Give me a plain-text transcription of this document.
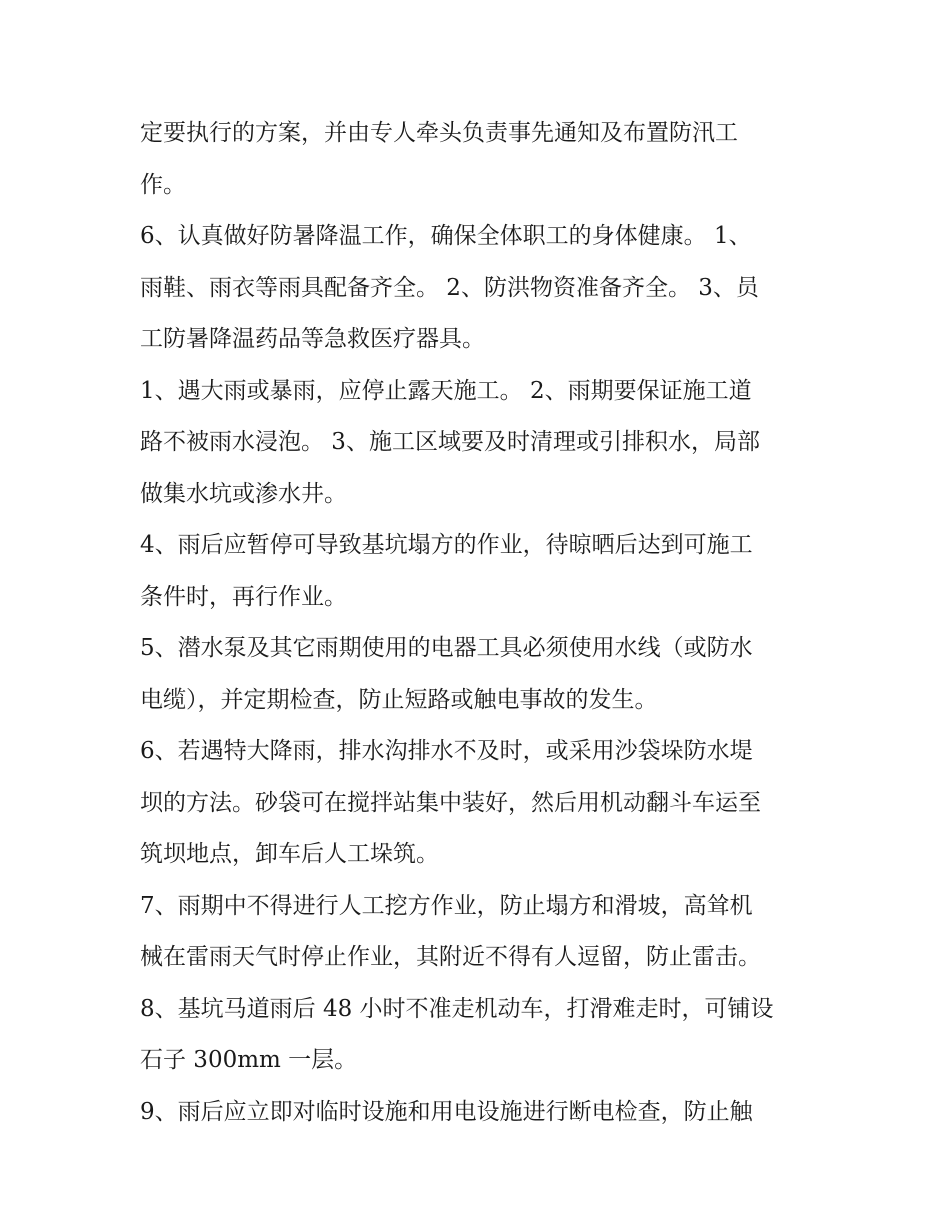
定要执行的方案，并由专人牵头负责事先通知及布置防汛工
作。
6、认真做好防暑降温工作，确保全体职工的身体健康。 1、
雨鞋、雨衣等雨具配备齐全。 2、防洪物资准备齐全。 3、员
工防暑降温药品等急救医疗器具。
1、遇大雨或暴雨，应停止露天施工。 2、雨期要保证施工道
路不被雨水浸泡。 3、施工区域要及时清理或引排积水，局部
做集水坑或渗水井。
4、雨后应暂停可导致基坑塌方的作业，待晾晒后达到可施工
条件时，再行作业。
5、潜水泵及其它雨期使用的电器工具必须使用水线（或防水
电缆），并定期检查，防止短路或触电事故的发生。
6、若遇特大降雨，排水沟排水不及时，或采用沙袋垛防水堤
坝的方法。砂袋可在搅拌站集中装好，然后用机动翻斗车运至
筑坝地点，卸车后人工垛筑。
7、雨期中不得进行人工挖方作业，防止塌方和滑坡，高耸机
械在雷雨天气时停止作业，其附近不得有人逗留，防止雷击。
8、基坑马道雨后 48 小时不准走机动车，打滑难走时，可铺设
石子 300mm 一层。
9、雨后应立即对临时设施和用电设施进行断电检查，防止触
